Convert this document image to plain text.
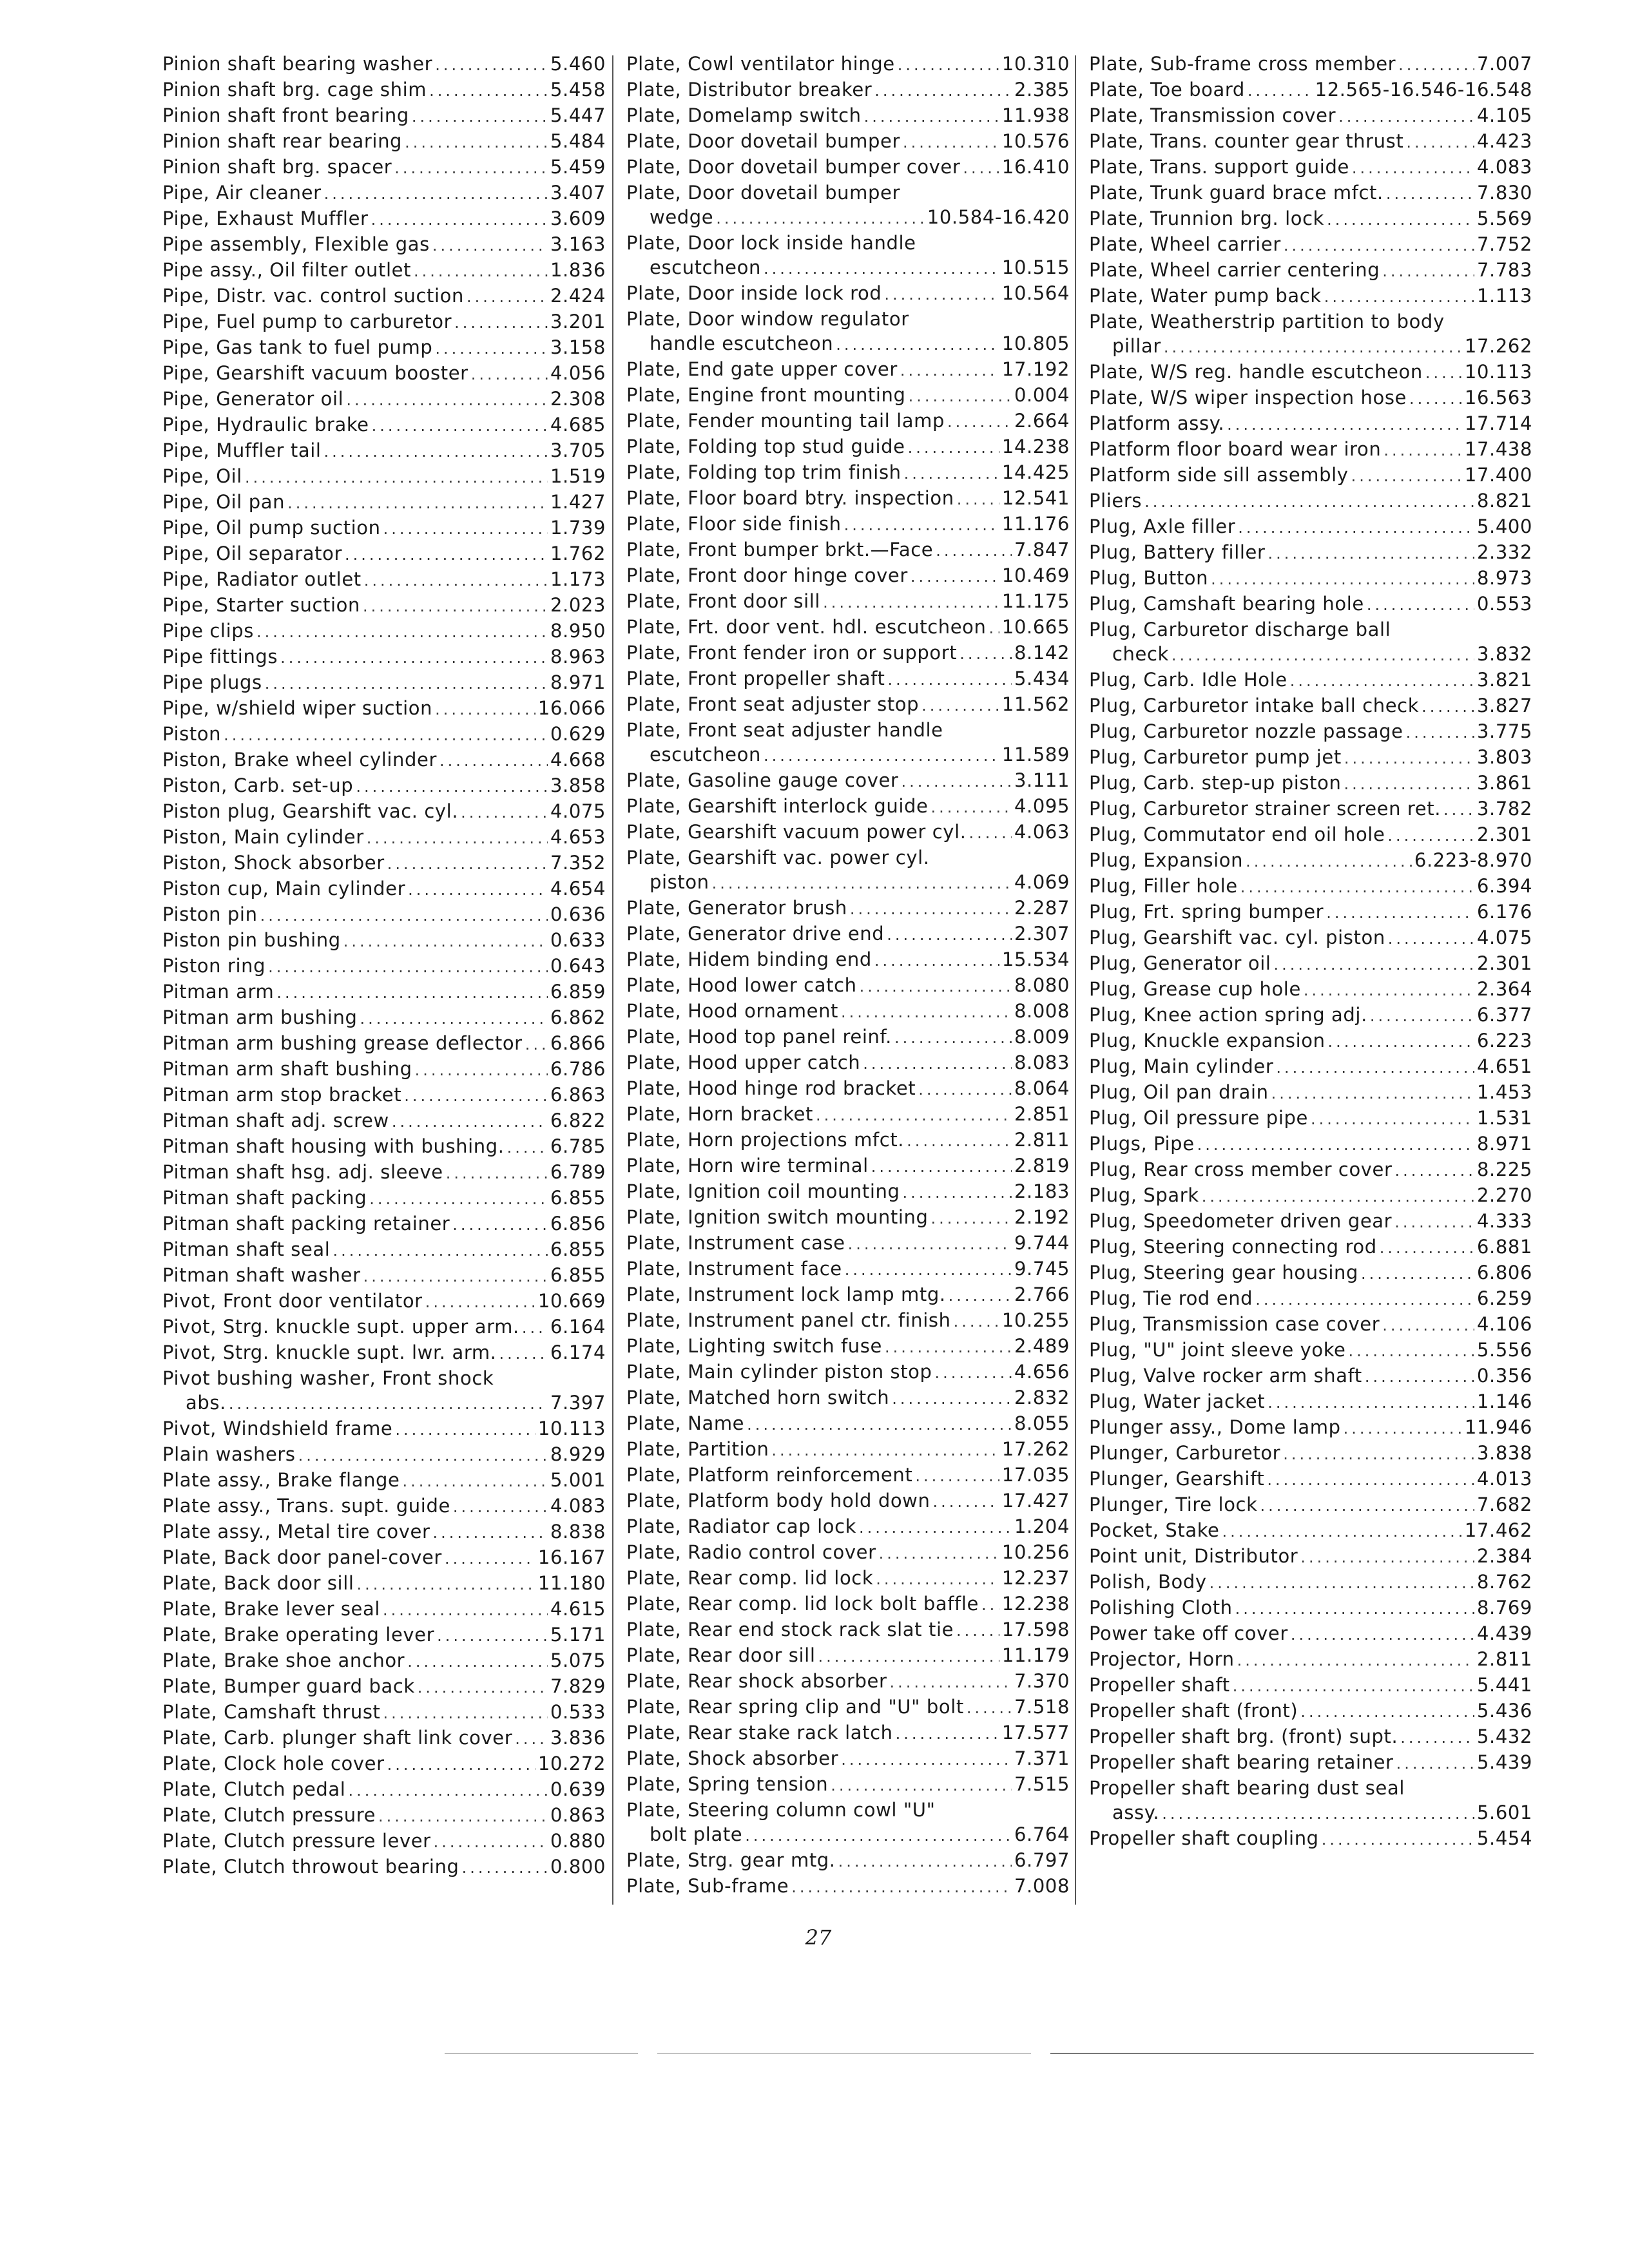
Pinion shaft bearing washer .....	5.460
Pinion shaft brg. cage shim .....	5.458
Pinion shaft front bearing .....	5.447
Pinion shaft rear bearing .....	5.484
Pinion shaft brg. spacer .....	5.459
Pipe, Air cleaner .....	3.407
Pipe, Exhaust Muffler .....	3.609
Pipe assembly, Flexible gas .....	3.163
Pipe assy., Oil filter outlet .....	1.836
Pipe, Distr. vac. control suction .....	2.424
Pipe, Fuel pump to carburetor .....	3.201
Pipe, Gas tank to fuel pump .....	3.158
Pipe, Gearshift vacuum booster .....	4.056
Pipe, Generator oil .....	2.308
Pipe, Hydraulic brake .....	4.685
Pipe, Muffler tail .....	3.705
Pipe, Oil .....	1.519
Pipe, Oil pan .....	1.427
Pipe, Oil pump suction .....	1.739
Pipe, Oil separator .....	1.762
Pipe, Radiator outlet .....	1.173
Pipe, Starter suction .....	2.023
Pipe clips .....	8.950
Pipe fittings .....	8.963
Pipe plugs .....	8.971
Pipe, w/shield wiper suction .....	16.066
Piston .....	0.629
Piston, Brake wheel cylinder .....	4.668
Piston, Carb. set-up .....	3.858
Piston plug, Gearshift vac. cyl. .....	4.075
Piston, Main cylinder .....	4.653
Piston, Shock absorber .....	7.352
Piston cup, Main cylinder .....	4.654
Piston pin .....	0.636
Piston pin bushing .....	0.633
Piston ring .....	0.643
Pitman arm .....	6.859
Pitman arm bushing .....	6.862
Pitman arm bushing grease deflector ..... 6.866
Pitman arm shaft bushing .....	6.786
Pitman arm stop bracket .....	6.863
Pitman shaft adj. screw .....	6.822
Pitman shaft housing with bushing. ..... 6.785
Pitman shaft hsg. adj. sleeve .....	6.789
Pitman shaft packing .....	6.855
Pitman shaft packing retainer .....	6.856
Pitman shaft seal .....	6.855
Pitman shaft washer .....	6.855
Pivot, Front door ventilator .....	10.669
Pivot, Strg. knuckle supt. upper arm. ..... 6.164
Pivot, Strg. knuckle supt. lwr. arm. .....	6.174
Pivot bushing washer, Front shock
abs. .....	7.397
Pivot, Windshield frame .....	10.113
Plain washers .....	8.929
Plate assy., Brake flange .....	5.001
Plate assy., Trans. supt. guide .....	4.083
Plate assy., Metal tire cover .....	8.838
Plate, Back door panel-cover .....	16.167
Plate, Back door sill .....	11.180
Plate, Brake lever seal .....	4.615
Plate, Brake operating lever .....	5.171
Plate, Brake shoe anchor .....	5.075
Plate, Bumper guard back .....	7.829
Plate, Camshaft thrust .....	0.533
Plate, Carb. plunger shaft link cover ..... 3.836
Plate, Clock hole cover .....	10.272
Plate, Clutch pedal .....	0.639
Plate, Clutch pressure .....	0.863
Plate, Clutch pressure lever .....	0.880
Plate, Clutch throwout bearing .....	0.800
Plate, Cowl ventilator hinge .....	10.310
Plate, Distributor breaker .....	2.385
Plate, Domelamp switch .....	11.938
Plate, Door dovetail bumper .....	10.576
Plate, Door dovetail bumper cover ..... 16.410
Plate, Door dovetail bumper
wedge .....	10.584-16.420
Plate, Door lock inside handle
escutcheon .....	10.515
Plate, Door inside lock rod .....	10.564
Plate, Door window regulator
handle escutcheon .....	10.805
Plate, End gate upper cover .....	17.192
Plate, Engine front mounting .....	0.004
Plate, Fender mounting tail lamp .....	2.664
Plate, Folding top stud guide .....	14.238
Plate, Folding top trim finish .....	14.425
Plate, Floor board btry. inspection .....	12.541
Plate, Floor side finish .....	11.176
Plate, Front bumper brkt.—Face .....	7.847
Plate, Front door hinge cover .....	10.469
Plate, Front door sill .....	11.175
Plate, Frt. door vent. hdl. escutcheon ..... 10.665
Plate, Front fender iron or support .....	8.142
Plate, Front propeller shaft .....	5.434
Plate, Front seat adjuster stop .....	11.562
Plate, Front seat adjuster handle
escutcheon .....	11.589
Plate, Gasoline gauge cover .....	3.111
Plate, Gearshift interlock guide .....	4.095
Plate, Gearshift vacuum power cyl. .....	4.063
Plate, Gearshift vac. power cyl.
piston .....	4.069
Plate, Generator brush .....	2.287
Plate, Generator drive end .....	2.307
Plate, Hidem binding end .....	15.534
Plate, Hood lower catch .....	8.080
Plate, Hood ornament .....	8.008
Plate, Hood top panel reinf. .....	8.009
Plate, Hood upper catch .....	8.083
Plate, Hood hinge rod bracket .....	8.064
Plate, Horn bracket .....	2.851
Plate, Horn projections mfct. .....	2.811
Plate, Horn wire terminal .....	2.819
Plate, Ignition coil mounting .....	2.183
Plate, Ignition switch mounting .....	2.192
Plate, Instrument case .....	9.744
Plate, Instrument face .....	9.745
Plate, Instrument lock lamp mtg. .....	2.766
Plate, Instrument panel ctr. finish .....	10.255
Plate, Lighting switch fuse .....	2.489
Plate, Main cylinder piston stop .....	4.656
Plate, Matched horn switch .....	2.832
Plate, Name .....	8.055
Plate, Partition .....	17.262
Plate, Platform reinforcement .....	17.035
Plate, Platform body hold down .....	17.427
Plate, Radiator cap lock .....	1.204
Plate, Radio control cover .....	10.256
Plate, Rear comp. lid lock .....	12.237
Plate, Rear comp. lid lock bolt baffle ..... 12.238
Plate, Rear end stock rack slat tie .....	17.598
Plate, Rear door sill .....	11.179
Plate, Rear shock absorber .....	7.370
Plate, Rear spring clip and "U" bolt .....	7.518
Plate, Rear stake rack latch .....	17.577
Plate, Shock absorber .....	7.371
Plate, Spring tension .....	7.515
Plate, Steering column cowl "U"
bolt plate .....	6.764
Plate, Strg. gear mtg. .....	6.797
Plate, Sub-frame .....	7.008
Plate, Sub-frame cross member .....	7.007
Plate, Toe board .....	12.565-16.546-16.548
Plate, Transmission cover .....	4.105
Plate, Trans. counter gear thrust .....	4.423
Plate, Trans. support guide .....	4.083
Plate, Trunk guard brace mfct. .....	7.830
Plate, Trunnion brg. lock .....	5.569
Plate, Wheel carrier .....	7.752
Plate, Wheel carrier centering .....	7.783
Plate, Water pump back .....	1.113
Plate, Weatherstrip partition to body
pillar .....	17.262
Plate, W/S reg. handle escutcheon ..... 10.113
Plate, W/S wiper inspection hose .....	16.563
Platform assy. .....	17.714
Platform floor board wear iron .....	17.438
Platform side sill assembly .....	17.400
Pliers .....	8.821
Plug, Axle filler .....	5.400
Plug, Battery filler .....	2.332
Plug, Button .....	8.973
Plug, Camshaft bearing hole .....	0.553
Plug, Carburetor discharge ball
check .....	3.832
Plug, Carb. Idle Hole .....	3.821
Plug, Carburetor intake ball check .....	3.827
Plug, Carburetor nozzle passage .....	3.775
Plug, Carburetor pump jet .....	3.803
Plug, Carb. step-up piston .....	3.861
Plug, Carburetor strainer screen ret. ..... 3.782
Plug, Commutator end oil hole .....	2.301
Plug, Expansion .....	6.223-8.970
Plug, Filler hole .....	6.394
Plug, Frt. spring bumper .....	6.176
Plug, Gearshift vac. cyl. piston .....	4.075
Plug, Generator oil .....	2.301
Plug, Grease cup hole .....	2.364
Plug, Knee action spring adj. .....	6.377
Plug, Knuckle expansion .....	6.223
Plug, Main cylinder .....	4.651
Plug, Oil pan drain .....	1.453
Plug, Oil pressure pipe .....	1.531
Plugs, Pipe .....	8.971
Plug, Rear cross member cover .....	8.225
Plug, Spark .....	2.270
Plug, Speedometer driven gear .....	4.333
Plug, Steering connecting rod .....	6.881
Plug, Steering gear housing .....	6.806
Plug, Tie rod end .....	6.259
Plug, Transmission case cover .....	4.106
Plug, "U" joint sleeve yoke .....	5.556
Plug, Valve rocker arm shaft .....	0.356
Plug, Water jacket .....	1.146
Plunger assy., Dome lamp .....	11.946
Plunger, Carburetor .....	3.838
Plunger, Gearshift .....	4.013
Plunger, Tire lock .....	7.682
Pocket, Stake .....	17.462
Point unit, Distributor .....	2.384
Polish, Body .....	8.762
Polishing Cloth .....	8.769
Power take off cover .....	4.439
Projector, Horn .....	2.811
Propeller shaft .....	5.441
Propeller shaft (front) .....	5.436
Propeller shaft brg. (front) supt. .....	5.432
Propeller shaft bearing retainer .....	5.439
Propeller shaft bearing dust seal
assy. .....	5.601
Propeller shaft coupling .....	5.454
27
